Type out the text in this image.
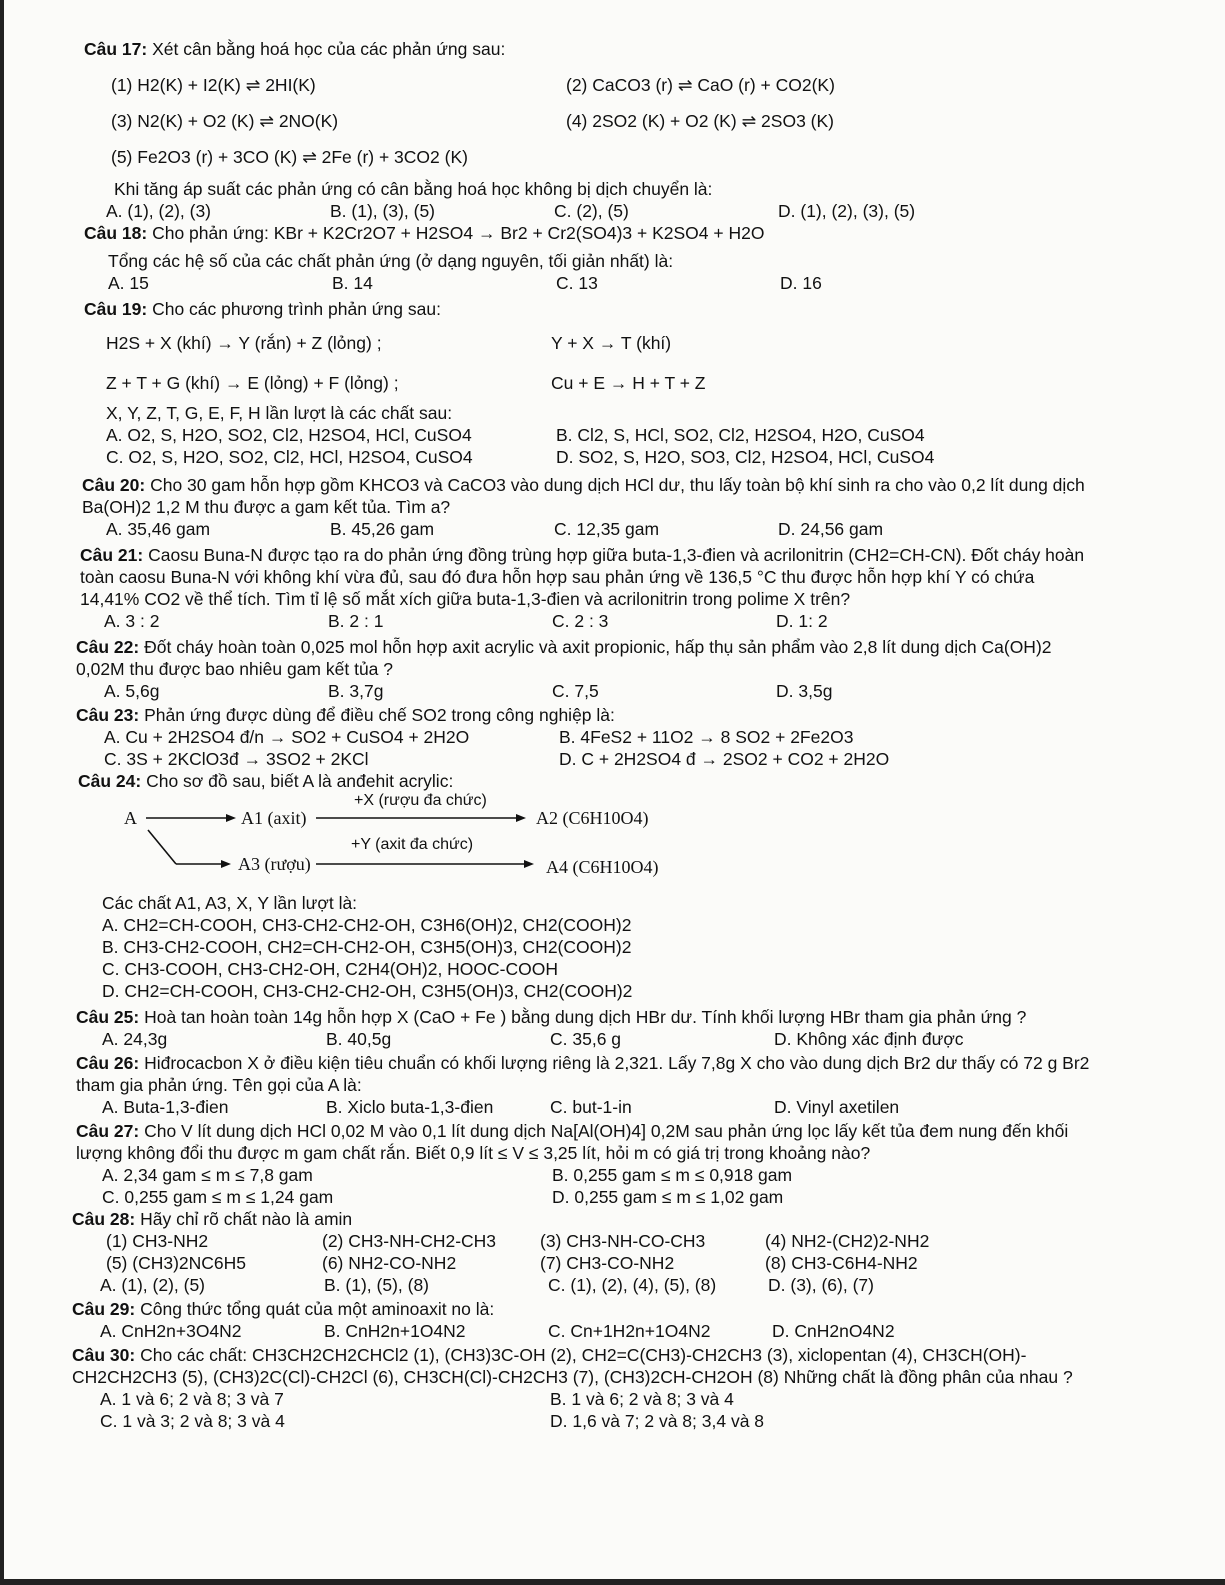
Câu 17: Xét cân bằng hoá học của các phản ứng sau:
(1) H2(K) + I2(K) ⇌ 2HI(K)	(2) CaCO3 (r) ⇌ CaO (r) + CO2(K)
(3) N2(K) + O2 (K) ⇌ 2NO(K)	(4) 2SO2 (K) + O2 (K) ⇌ 2SO3 (K)
(5) Fe2O3 (r) + 3CO (K) ⇌ 2Fe (r) + 3CO2 (K)
Khi tăng áp suất các phản ứng có cân bằng hoá học không bị dịch chuyển là:
A. (1), (2), (3)	B. (1), (3), (5)	C. (2), (5)	D. (1), (2), (3), (5)
Câu 18: Cho phản ứng: KBr + K2Cr2O7 + H2SO4 → Br2 + Cr2(SO4)3 + K2SO4 + H2O
Tổng các hệ số của các chất phản ứng (ở dạng nguyên, tối giản nhất) là:
A. 15	B. 14	C. 13	D. 16
Câu 19: Cho các phương trình phản ứng sau:
H2S + X (khí) → Y (rắn) + Z (lỏng) ;	Y + X → T (khí)
Z + T + G (khí) → E (lỏng) + F (lỏng) ;	Cu + E → H + T + Z
X, Y, Z, T, G, E, F, H lần lượt là các chất sau:
A. O2, S, H2O, SO2, Cl2, H2SO4, HCl, CuSO4	B. Cl2, S, HCl, SO2, Cl2, H2SO4, H2O, CuSO4
C. O2, S, H2O, SO2, Cl2, HCl, H2SO4, CuSO4	D. SO2, S, H2O, SO3, Cl2, H2SO4, HCl, CuSO4
Câu 20: Cho 30 gam hỗn hợp gồm KHCO3 và CaCO3 vào dung dịch HCl dư, thu lấy toàn bộ khí sinh ra cho vào 0,2 lít dung dịch Ba(OH)2 1,2 M thu được a gam kết tủa. Tìm a?
A. 35,46 gam	B. 45,26 gam	C. 12,35 gam	D. 24,56 gam
Câu 21: Caosu Buna-N được tạo ra do phản ứng đồng trùng hợp giữa buta-1,3-đien và acrilonitrin (CH2=CH-CN). Đốt cháy hoàn toàn caosu Buna-N với không khí vừa đủ, sau đó đưa hỗn hợp sau phản ứng về 136,5 °C thu được hỗn hợp khí Y có chứa 14,41% CO2 về thể tích. Tìm tỉ lệ số mắt xích giữa buta-1,3-đien và acrilonitrin trong polime X trên?
A. 3 : 2	B. 2 : 1	C. 2 : 3	D. 1: 2
Câu 22: Đốt cháy hoàn toàn 0,025 mol hỗn hợp axit acrylic và axit propionic, hấp thụ sản phẩm vào 2,8 lít dung dịch Ca(OH)2 0,02M thu được bao nhiêu gam kết tủa ?
A. 5,6g	B. 3,7g	C. 7,5	D. 3,5g
Câu 23: Phản ứng được dùng để điều chế SO2 trong công nghiệp là:
A. Cu + 2H2SO4 đ/n → SO2 + CuSO4 + 2H2O	B. 4FeS2 + 11O2 → 8 SO2 + 2Fe2O3
C. 3S + 2KClO3đ → 3SO2 + 2KCl	D. C + 2H2SO4 đ → 2SO2 + CO2 + 2H2O
Câu 24: Cho sơ đồ sau, biết A là anđehit acrylic:
A	A1 (axit)
+X (rượu đa chức)
A2 (C6H10O4)
A3 (rượu)
+Y (axit đa chức)
A4 (C6H10O4)
Các chất A1, A3, X, Y lần lượt là:
A. CH2=CH-COOH, CH3-CH2-CH2-OH, C3H6(OH)2, CH2(COOH)2
B. CH3-CH2-COOH, CH2=CH-CH2-OH, C3H5(OH)3, CH2(COOH)2
C. CH3-COOH, CH3-CH2-OH, C2H4(OH)2, HOOC-COOH
D. CH2=CH-COOH, CH3-CH2-CH2-OH, C3H5(OH)3, CH2(COOH)2
Câu 25: Hoà tan hoàn toàn 14g hỗn hợp X (CaO + Fe ) bằng dung dịch HBr dư. Tính khối lượng HBr tham gia phản ứng ?
A. 24,3g	B. 40,5g	C. 35,6 g	D. Không xác định được
Câu 26: Hiđrocacbon X ở điều kiện tiêu chuẩn có khối lượng riêng là 2,321. Lấy 7,8g X cho vào dung dịch Br2 dư thấy có 72 g Br2 tham gia phản ứng. Tên gọi của A là:
A. Buta-1,3-đien	B. Xiclo buta-1,3-đien	C. but-1-in	D. Vinyl axetilen
Câu 27: Cho V lít dung dịch HCl 0,02 M vào 0,1 lít dung dịch Na[Al(OH)4] 0,2M sau phản ứng lọc lấy kết tủa đem nung đến khối lượng không đổi thu được m gam chất rắn. Biết 0,9 lít ≤ V ≤ 3,25 lít, hỏi m có giá trị trong khoảng nào?
A. 2,34 gam ≤ m ≤ 7,8 gam	B. 0,255 gam ≤ m ≤ 0,918 gam
C. 0,255 gam ≤ m ≤ 1,24 gam	D. 0,255 gam ≤ m ≤ 1,02 gam
Câu 28: Hãy chỉ rõ chất nào là amin
(1) CH3-NH2	(2) CH3-NH-CH2-CH3	(3) CH3-NH-CO-CH3	(4) NH2-(CH2)2-NH2
(5) (CH3)2NC6H5	(6) NH2-CO-NH2	(7) CH3-CO-NH2	(8) CH3-C6H4-NH2
A. (1), (2), (5)	B. (1), (5), (8)	C. (1), (2), (4), (5), (8)	D. (3), (6), (7)
Câu 29: Công thức tổng quát của một aminoaxit no là:
A. CnH2n+3O4N2	B. CnH2n+1O4N2	C. Cn+1H2n+1O4N2	D. CnH2nO4N2
Câu 30: Cho các chất: CH3CH2CH2CHCl2 (1), (CH3)3C-OH (2), CH2=C(CH3)-CH2CH3 (3), xiclopentan (4), CH3CH(OH)-CH2CH2CH3 (5), (CH3)2C(Cl)-CH2Cl (6), CH3CH(Cl)-CH2CH3 (7), (CH3)2CH-CH2OH (8) Những chất là đồng phân của nhau ?
A. 1 và 6; 2 và 8; 3 và 7	B. 1 và 6; 2 và 8; 3 và 4
C. 1 và 3; 2 và 8; 3 và 4	D. 1,6 và 7; 2 và 8; 3,4 và 8
